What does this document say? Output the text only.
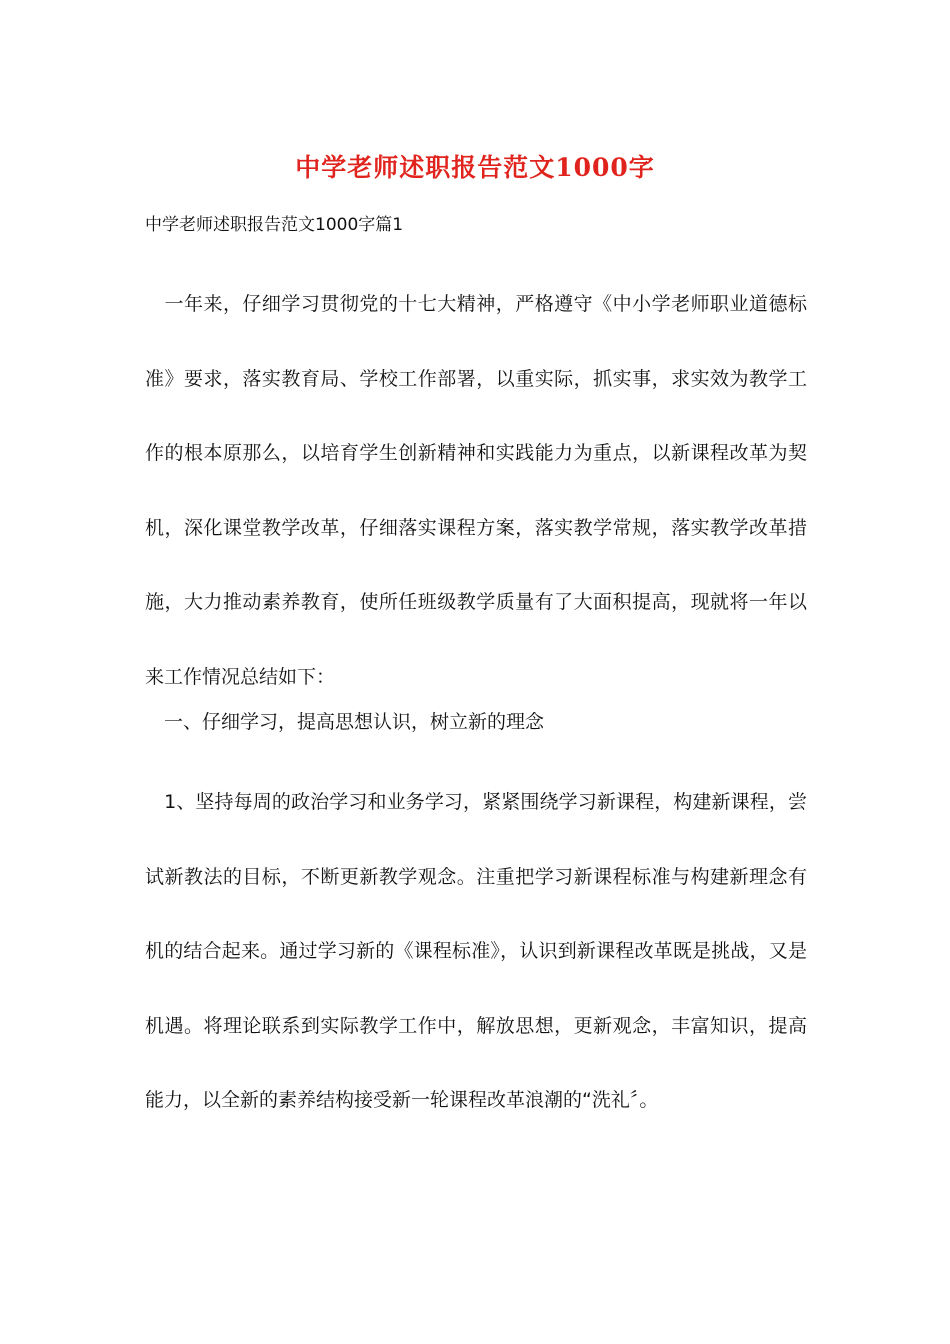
中学老师述职报告范文1000字
中学老师述职报告范文1000字篇1

　一年来，仔细学习贯彻党的十七大精神，严格遵守《中小学老师职业道德标准》要求，落实教育局、学校工作部署，以重实际，抓实事，求实效为教学工作的根本原那么，以培育学生创新精神和实践能力为重点，以新课程改革为契机，深化课堂教学改革，仔细落实课程方案，落实教学常规，落实教学改革措施，大力推动素养教育，使所任班级教学质量有了大面积提高，现就将一年以来工作情况总结如下：

　一、仔细学习，提高思想认识，树立新的理念

　1、坚持每周的政治学习和业务学习，紧紧围绕学习新课程，构建新课程，尝试新教法的目标，不断更新教学观念。注重把学习新课程标准与构建新理念有机的结合起来。通过学习新的《课程标准》，认识到新课程改革既是挑战，又是机遇。将理论联系到实际教学工作中，解放思想，更新观念，丰富知识，提高能力，以全新的素养结构接受新一轮课程改革浪潮的“洗礼〞。
